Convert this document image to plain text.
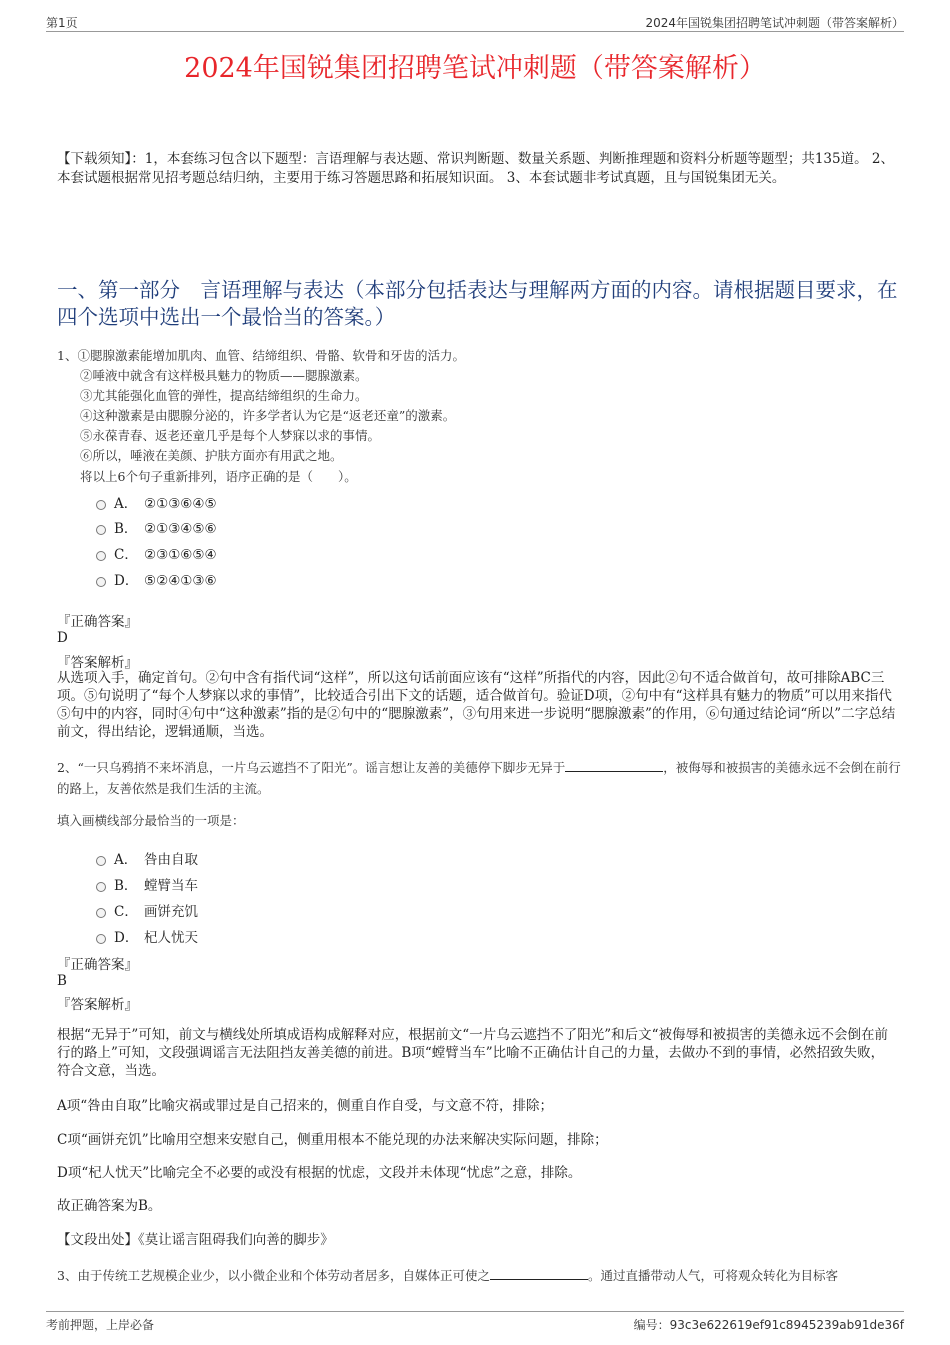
第1页	2024年国锐集团招聘笔试冲刺题（带答案解析）
2024年国锐集团招聘笔试冲刺题（带答案解析）
【下载须知】：1，本套练习包含以下题型：言语理解与表达题、常识判断题、数量关系题、判断推理题和资料分析题等题型；共135道。 2、本套试题根据常见招考题总结归纳，主要用于练习答题思路和拓展知识面。 3、本套试题非考试真题，且与国锐集团无关。
一、第一部分　言语理解与表达（本部分包括表达与理解两方面的内容。请根据题目要求，在四个选项中选出一个最恰当的答案。）
1、①腮腺激素能增加肌肉、血管、结缔组织、骨骼、软骨和牙齿的活力。
②唾液中就含有这样极具魅力的物质——腮腺激素。
③尤其能强化血管的弹性，提高结缔组织的生命力。
④这种激素是由腮腺分泌的，许多学者认为它是“返老还童”的激素。
⑤永葆青春、返老还童几乎是每个人梦寐以求的事情。
⑥所以，唾液在美颜、护肤方面亦有用武之地。
将以上6个句子重新排列，语序正确的是（　　）。
A． ②①③⑥④⑤
B． ②①③④⑤⑥
C． ②③①⑥⑤④
D． ⑤②④①③⑥
『正确答案』
D
『答案解析』
从选项入手，确定首句。②句中含有指代词“这样”，所以这句话前面应该有“这样”所指代的内容，因此②句不适合做首句，故可排除ABC三项。⑤句说明了“每个人梦寐以求的事情”，比较适合引出下文的话题，适合做首句。验证D项，②句中有“这样具有魅力的物质”可以用来指代⑤句中的内容，同时④句中“这种激素”指的是②句中的“腮腺激素”，③句用来进一步说明“腮腺激素”的作用，⑥句通过结论词“所以”二字总结前文，得出结论，逻辑通顺，当选。
2、“一只乌鸦捎不来坏消息，一片乌云遮挡不了阳光”。谣言想让友善的美德停下脚步无异于	，被侮辱和被损害的美德永远不会倒在前行的路上，友善依然是我们生活的主流。
填入画横线部分最恰当的一项是：
A． 咎由自取
B． 螳臂当车
C． 画饼充饥
D． 杞人忧天
『正确答案』
B
『答案解析』
根据“无异于”可知，前文与横线处所填成语构成解释对应，根据前文“一片乌云遮挡不了阳光”和后文“被侮辱和被损害的美德永远不会倒在前行的路上”可知，文段强调谣言无法阻挡友善美德的前进。B项“螳臂当车”比喻不正确估计自己的力量，去做办不到的事情，必然招致失败，符合文意，当选。
A项“咎由自取”比喻灾祸或罪过是自己招来的，侧重自作自受，与文意不符，排除；
C项“画饼充饥”比喻用空想来安慰自己，侧重用根本不能兑现的办法来解决实际问题，排除；
D项“杞人忧天”比喻完全不必要的或没有根据的忧虑，文段并未体现“忧虑”之意，排除。
故正确答案为B。
【文段出处】《莫让谣言阻碍我们向善的脚步》
3、由于传统工艺规模企业少，以小微企业和个体劳动者居多，自媒体正可使之	。通过直播带动人气，可将观众转化为目标客
考前押题，上岸必备	编号：93c3e622619ef91c8945239ab91de36f
